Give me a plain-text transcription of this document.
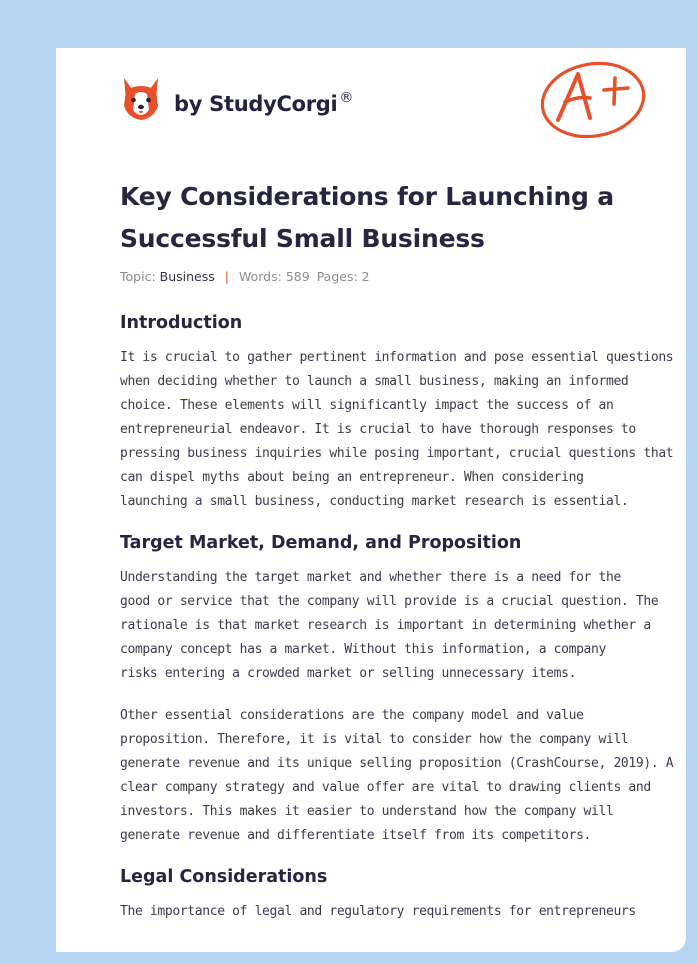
by StudyCorgi ®
Key Considerations for Launching a
Successful Small Business
Topic: Business | Words: 589 Pages: 2
Introduction

It is crucial to gather pertinent information and pose essential questions
when deciding whether to launch a small business, making an informed
choice. These elements will significantly impact the success of an
entrepreneurial endeavor. It is crucial to have thorough responses to
pressing business inquiries while posing important, crucial questions that
can dispel myths about being an entrepreneur. When considering
launching a small business, conducting market research is essential.

Target Market, Demand, and Proposition

Understanding the target market and whether there is a need for the
good or service that the company will provide is a crucial question. The
rationale is that market research is important in determining whether a
company concept has a market. Without this information, a company
risks entering a crowded market or selling unnecessary items.

Other essential considerations are the company model and value
proposition. Therefore, it is vital to consider how the company will
generate revenue and its unique selling proposition (CrashCourse, 2019). A
clear company strategy and value offer are vital to drawing clients and
investors. This makes it easier to understand how the company will
generate revenue and differentiate itself from its competitors.

Legal Considerations

The importance of legal and regulatory requirements for entrepreneurs
